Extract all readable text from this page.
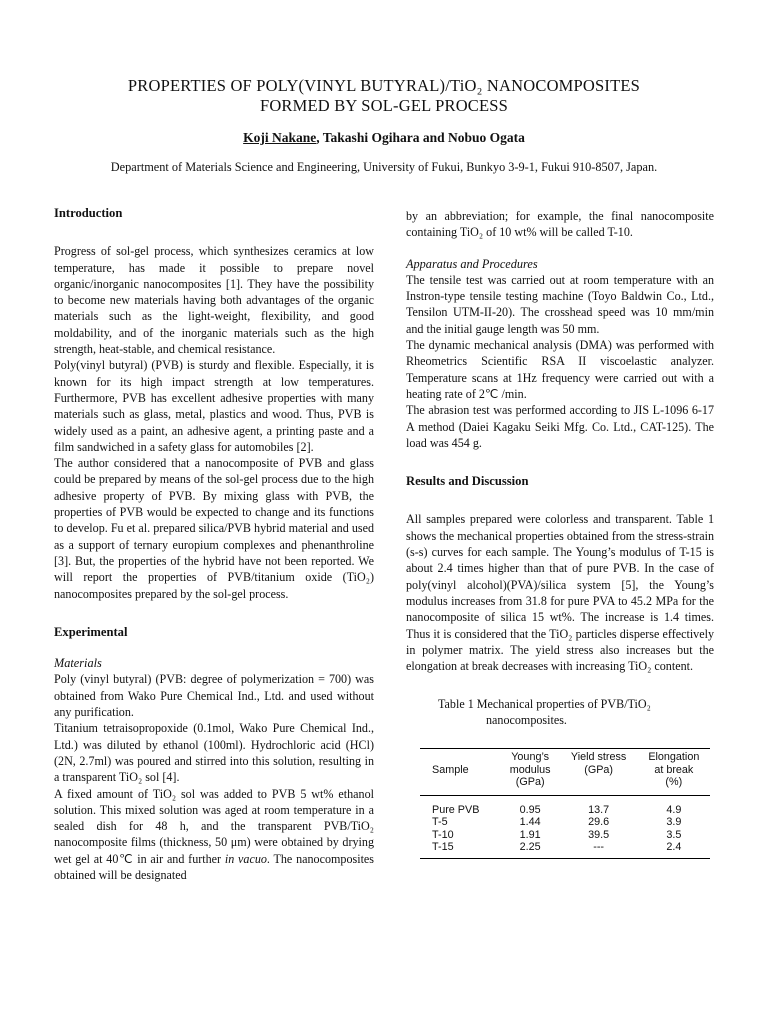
PROPERTIES OF POLY(VINYL BUTYRAL)/TiO₂ NANOCOMPOSITES
FORMED BY SOL-GEL PROCESS
Koji Nakane, Takashi Ogihara and Nobuo Ogata
Department of Materials Science and Engineering, University of Fukui, Bunkyo 3-9-1, Fukui 910-8507, Japan.
Introduction

Progress of sol-gel process, which synthesizes ceramics at low temperature, has made it possible to prepare novel organic/inorganic nanocomposites [1]. They have the possibility to become new materials having both advantages of the organic materials such as the light-weight, flexibility, and good moldability, and of the inorganic materials such as the high strength, heat-stable, and chemical resistance.

Poly(vinyl butyral) (PVB) is sturdy and flexible. Especially, it is known for its high impact strength at low temperatures. Furthermore, PVB has excellent adhesive properties with many materials such as glass, metal, plastics and wood. Thus, PVB is widely used as a paint, an adhesive agent, a printing paste and a film sandwiched in a safety glass for automobiles [2].

The author considered that a nanocomposite of PVB and glass could be prepared by means of the sol-gel process due to the high adhesive property of PVB. By mixing glass with PVB, the properties of PVB would be expected to change and its functions to develop. Fu et al. prepared silica/PVB hybrid material and used as a support of ternary europium complexes and phenanthroline [3]. But, the properties of the hybrid have not been reported. We will report the properties of PVB/titanium oxide (TiO₂) nanocomposites prepared by the sol-gel process.

Experimental
Materials

Poly (vinyl butyral) (PVB: degree of polymerization = 700) was obtained from Wako Pure Chemical Ind., Ltd. and used without any purification.

Titanium tetraisopropoxide (0.1mol, Wako Pure Chemical Ind., Ltd.) was diluted by ethanol (100ml). Hydrochloric acid (HCl) (2N, 2.7ml) was poured and stirred into this solution, resulting in a transparent TiO₂ sol [4].

A fixed amount of TiO₂ sol was added to PVB 5 wt% ethanol solution. This mixed solution was aged at room temperature in a sealed dish for 48 h, and the transparent PVB/TiO₂ nanocomposite films (thickness, 50 μm) were obtained by drying wet gel at 40℃ in air and further in vacuo. The nanocomposites obtained will be designated

by an abbreviation; for example, the final nanocomposite containing TiO₂ of 10 wt% will be called T-10.

Apparatus and Procedures

The tensile test was carried out at room temperature with an Instron-type tensile testing machine (Toyo Baldwin Co., Ltd., Tensilon UTM-II-20). The crosshead speed was 10 mm/min and the initial gauge length was 50 mm.

The dynamic mechanical analysis (DMA) was performed with Rheometrics Scientific RSA II viscoelastic analyzer. Temperature scans at 1Hz frequency were carried out with a heating rate of 2℃ /min.

The abrasion test was performed according to JIS L-1096 6-17 A method (Daiei Kagaku Seiki Mfg. Co. Ltd., CAT-125). The load was 454 g.

Results and Discussion

All samples prepared were colorless and transparent. Table 1 shows the mechanical properties obtained from the stress-strain (s-s) curves for each sample. The Young’s modulus of T-15 is about 2.4 times higher than that of pure PVB. In the case of poly(vinyl alcohol)(PVA)/silica system [5], the Young’s modulus increases from 31.8 for pure PVA to 45.2 MPa for the nanocomposite of silica 15 wt%. The increase is 1.4 times. Thus it is considered that the TiO₂ particles disperse effectively in polymer matrix. The yield stress also increases but the elongation at break decreases with increasing TiO₂ content.

Table 1 Mechanical properties of PVB/TiO₂
nanocomposites.
Sample	Young’s
modulus
(GPa)	Yield stress
(GPa)	Elongation
at break
(%)
Pure PVB	0.95	13.7	4.9
T-5	1.44	29.6	3.9
T-10	1.91	39.5	3.5
T-15	2.25	---	2.4
